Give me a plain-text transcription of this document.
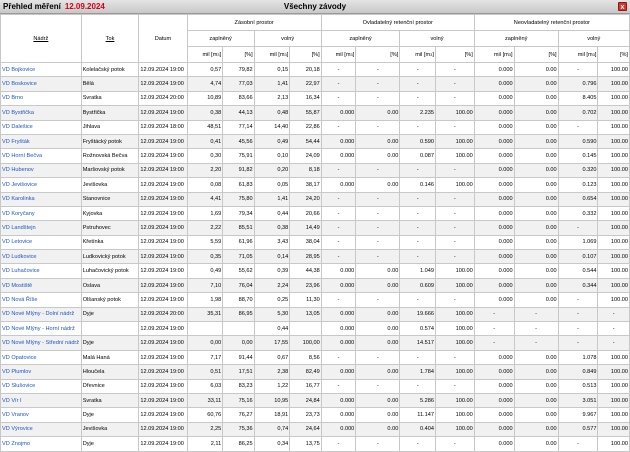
Přehled měření 12.09.2024	Všechny závody	x
Nádrž	Tok	Datum	Zásobní prostor				Ovladatelný retenční prostor				Neovladatelný retenční prostor			
			zaplněný		volný		zaplněný		volný		zaplněný		volný	
			mil $[m^3]$	[%]	mil $[m^3]$	[%]	mil $[m^3]$	[%]	mil $[m^3]$	[%]	mil $[m^3]$	[%]	mil $[m^3]$	[%]
VD Bojkovice	Kolelačský potok	12.09.2024 19:00	0,57	79,82	0,15	20,18	-	-	-	-	0.000	0.00	-	100.00
VD Boskovice	Bělá	12.09.2024 19:00	4,74	77,03	1,41	22,97	-	-	-	-	0.000	0.00	0.796	100.00
VD Brno	Svratka	12.09.2024 20:00	10,89	83,66	2,13	16,34	-	-	-	-	0.000	0.00	8.405	100.00
VD Bystřička	Bystřička	12.09.2024 19:00	0,38	44,13	0,48	55,87	0.000	0.00	2.235	100.00	0.000	0.00	0.702	100.00
VD Dalešice	Jihlava	12.09.2024 18:00	48,51	77,14	14,40	22,86	-	-	-	-	0.000	0.00	-	100.00
VD Fryšták	Fryštácký potok	12.09.2024 19:00	0,41	45,56	0,49	54,44	0.000	0.00	0.590	100.00	0.000	0.00	0.590	100.00
VD Horní Bečva	Rožnovská Bečva	12.09.2024 19:00	0,30	75,91	0,10	24,09	0.000	0.00	0.087	100.00	0.000	0.00	0.145	100.00
VD Hubenov	Maršovský potok	12.09.2024 19:00	2,20	91,82	0,20	8,18	-	-	-	-	0.000	0.00	0.320	100.00
VD Jevišovice	Jevišovka	12.09.2024 19:00	0,08	61,83	0,05	38,17	0.000	0.00	0.146	100.00	0.000	0.00	0.123	100.00
VD Karolinka	Stanovnice	12.09.2024 19:00	4,41	75,80	1,41	24,20	-	-	-	-	0.000	0.00	0.654	100.00
VD Koryčany	Kyjovka	12.09.2024 19:00	1,69	79,34	0,44	20,66	-	-	-	-	0.000	0.00	0.332	100.00
VD Landštejn	Pstruhovec	12.09.2024 19:00	2,22	85,51	0,38	14,49	-	-	-	-	0.000	0.00	-	100.00
VD Letovice	Křetínka	12.09.2024 19:00	5,59	61,96	3,43	38,04	-	-	-	-	0.000	0.00	1.069	100.00
VD Ludkovice	Ludkovický potok	12.09.2024 19:00	0,35	71,05	0,14	28,95	-	-	-	-	0.000	0.00	0.107	100.00
VD Luhačovice	Luhačovický potok	12.09.2024 19:00	0,49	55,62	0,39	44,38	0.000	0.00	1.049	100.00	0.000	0.00	0.544	100.00
VD Mostiště	Oslava	12.09.2024 19:00	7,10	76,04	2,24	23,96	0.000	0.00	0.609	100.00	0.000	0.00	0.344	100.00
VD Nová Říše	Olšanský potok	12.09.2024 19:00	1,98	88,70	0,25	11,30	-	-	-	-	0.000	0.00	-	100.00
VD Nové Mlýny - Dolní nádrž	Dyje	12.09.2024 20:00	35,31	86,95	5,30	13,05	0.000	0.00	19.666	100.00	-	-	-	-
VD Nové Mlýny - Horní nádrž		12.09.2024 19:00			0,44		0.000	0.00	0.574	100.00	-	-	-	-
VD Nové Mlýny - Střední nádrž	Dyje	12.09.2024 19:00	0,00	0,00	17,55	100,00	0.000	0.00	14.517	100.00	-	-	-	-
VD Opatovice	Malá Haná	12.09.2024 19:00	7,17	91,44	0,67	8,56	-	-	-	-	0.000	0.00	1.078	100.00
VD Plumlov	Hloučela	12.09.2024 19:00	0,51	17,51	2,38	82,49	0.000	0.00	1.784	100.00	0.000	0.00	0.849	100.00
VD Slušovice	Dřevnice	12.09.2024 19:00	6,03	83,23	1,22	16,77	-	-	-	-	0.000	0.00	0.513	100.00
VD Vír I	Svratka	12.09.2024 19:00	33,11	75,16	10,95	24,84	0.000	0.00	5.286	100.00	0.000	0.00	3.051	100.00
VD Vranov	Dyje	12.09.2024 19:00	60,76	76,27	18,91	23,73	0.000	0.00	11.147	100.00	0.000	0.00	9.967	100.00
VD Výrovice	Jevišovka	12.09.2024 19:00	2,25	75,36	0,74	24,64	0.000	0.00	0.404	100.00	0.000	0.00	0.577	100.00
VD Znojmo	Dyje	12.09.2024 19:00	2,11	86,25	0,34	13,75	-	-	-	-	0.000	0.00	-	100.00
